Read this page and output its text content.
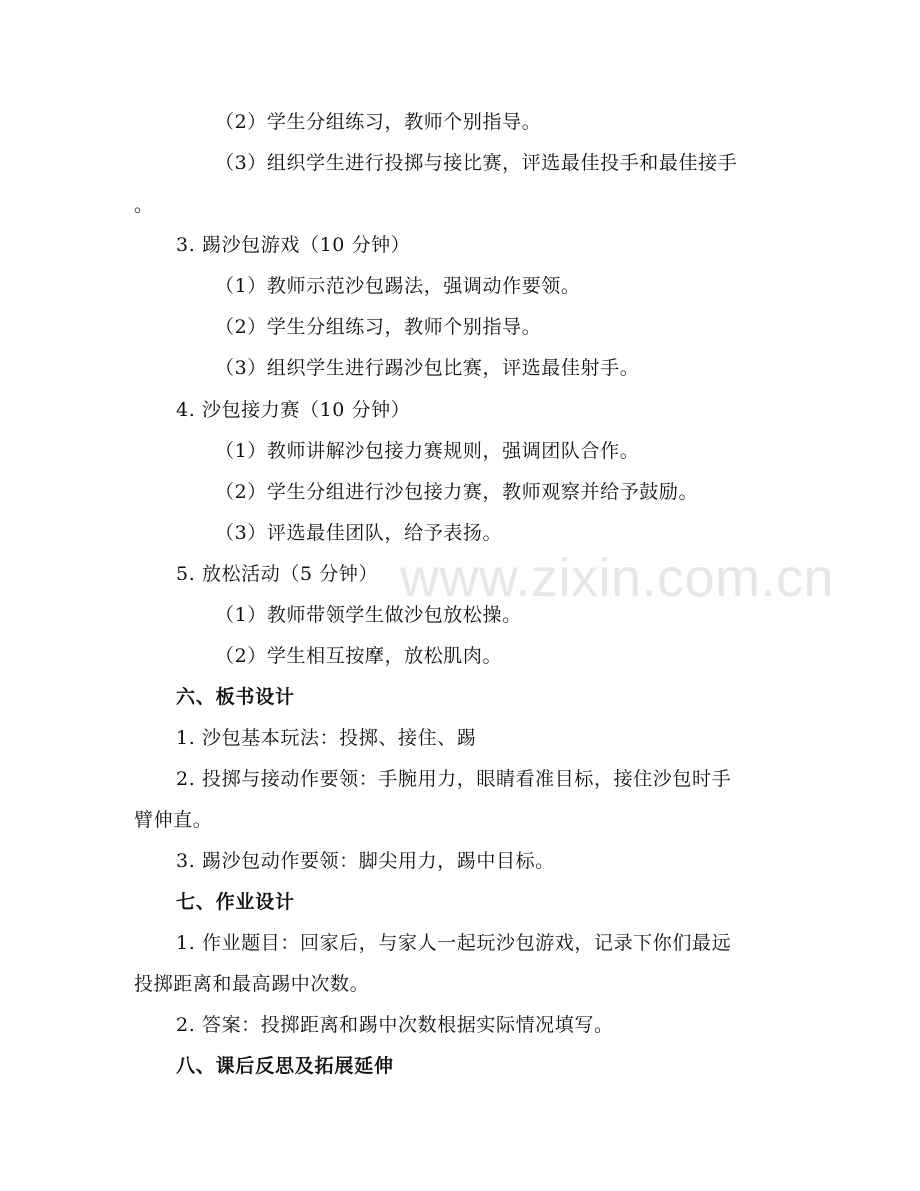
www.zixin.com.cn
（2）学生分组练习，教师个别指导。
（3）组织学生进行投掷与接比赛，评选最佳投手和最佳接手
。
3. 踢沙包游戏（10 分钟）
（1）教师示范沙包踢法，强调动作要领。
（2）学生分组练习，教师个别指导。
（3）组织学生进行踢沙包比赛，评选最佳射手。
4. 沙包接力赛（10 分钟）
（1）教师讲解沙包接力赛规则，强调团队合作。
（2）学生分组进行沙包接力赛，教师观察并给予鼓励。
（3）评选最佳团队，给予表扬。
5. 放松活动（5 分钟）
（1）教师带领学生做沙包放松操。
（2）学生相互按摩，放松肌肉。
六、板书设计
1. 沙包基本玩法：投掷、接住、踢
2. 投掷与接动作要领：手腕用力，眼睛看准目标，接住沙包时手
臂伸直。
3. 踢沙包动作要领：脚尖用力，踢中目标。
七、作业设计
1. 作业题目：回家后，与家人一起玩沙包游戏，记录下你们最远
投掷距离和最高踢中次数。
2. 答案：投掷距离和踢中次数根据实际情况填写。
八、课后反思及拓展延伸
